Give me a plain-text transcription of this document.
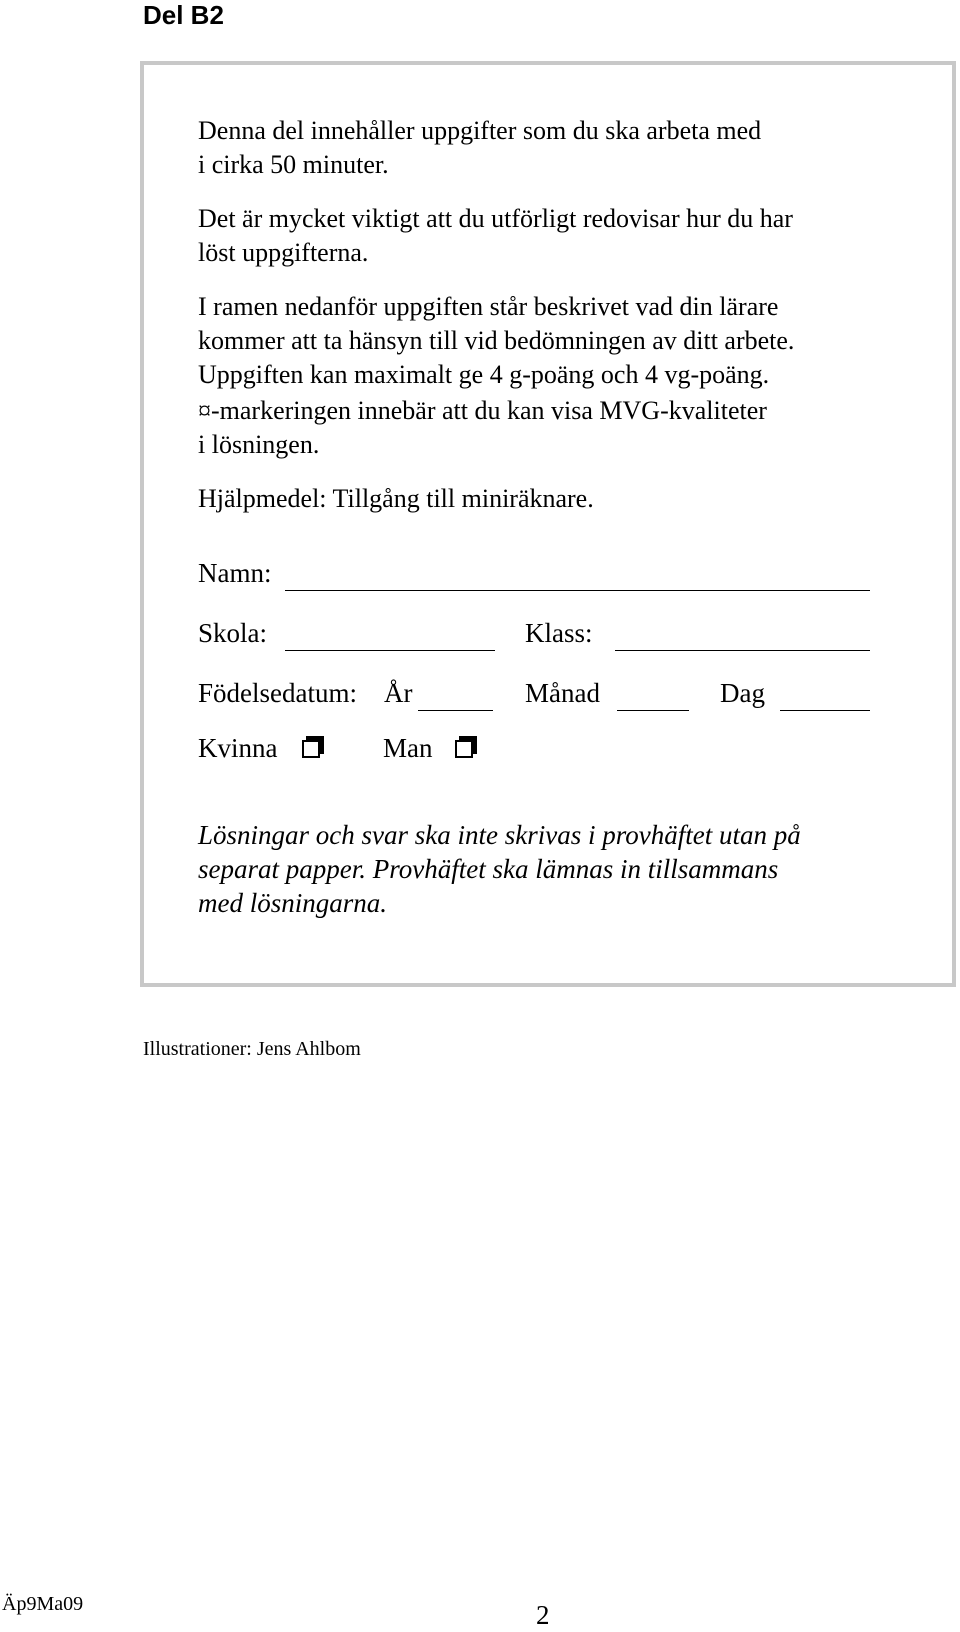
Del B2
Denna del innehåller uppgifter som du ska arbeta med
i cirka 50 minuter.
Det är mycket viktigt att du utförligt redovisar hur du har
löst uppgifterna.
I ramen nedanför uppgiften står beskrivet vad din lärare
kommer att ta hänsyn till vid bedömningen av ditt arbete.
Uppgiften kan maximalt ge 4 g-poäng och 4 vg-poäng.
¤-markeringen innebär att du kan visa MVG-kvaliteter
i lösningen.
Hjälpmedel: Tillgång till miniräknare.
Namn:
Skola:	Klass:
Födelsedatum: År	Månad	Dag
Kvinna	Man
Lösningar och svar ska inte skrivas i provhäftet utan på
separat papper. Provhäftet ska lämnas in tillsammans
med lösningarna.
Illustrationer: Jens Ahlbom
Äp9Ma09	2
